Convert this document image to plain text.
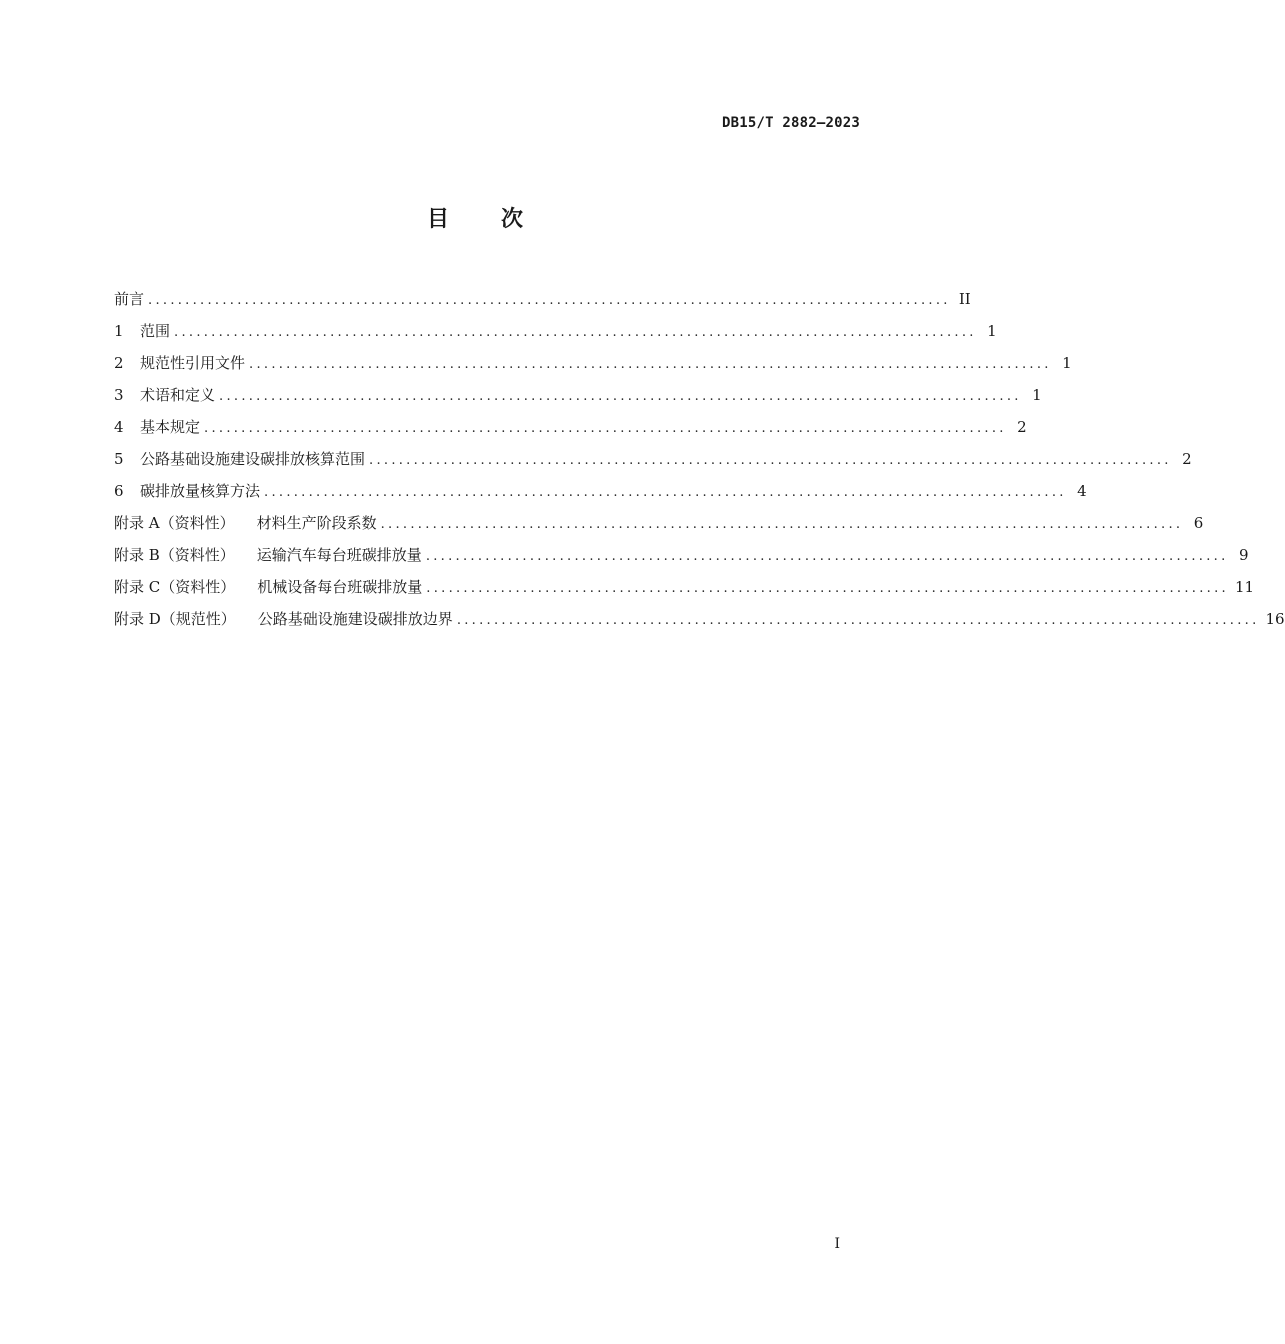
DB15/T 2882—2023
目 次
前言 ............................................................................................................ II
1 范围 ............................................................................................................ 1
2 规范性引用文件 ............................................................................................................ 1
3 术语和定义 ............................................................................................................ 1
4 基本规定 ............................................................................................................ 2
5 公路基础设施建设碳排放核算范围 ............................................................................................................ 2
6 碳排放量核算方法 ............................................................................................................ 4
附录 A（资料性） 材料生产阶段系数 ............................................................................................................ 6
附录 B（资料性） 运输汽车每台班碳排放量 ............................................................................................................ 9
附录 C（资料性） 机械设备每台班碳排放量 ............................................................................................................ 11
附录 D（规范性） 公路基础设施建设碳排放边界 ............................................................................................................ 16
I
